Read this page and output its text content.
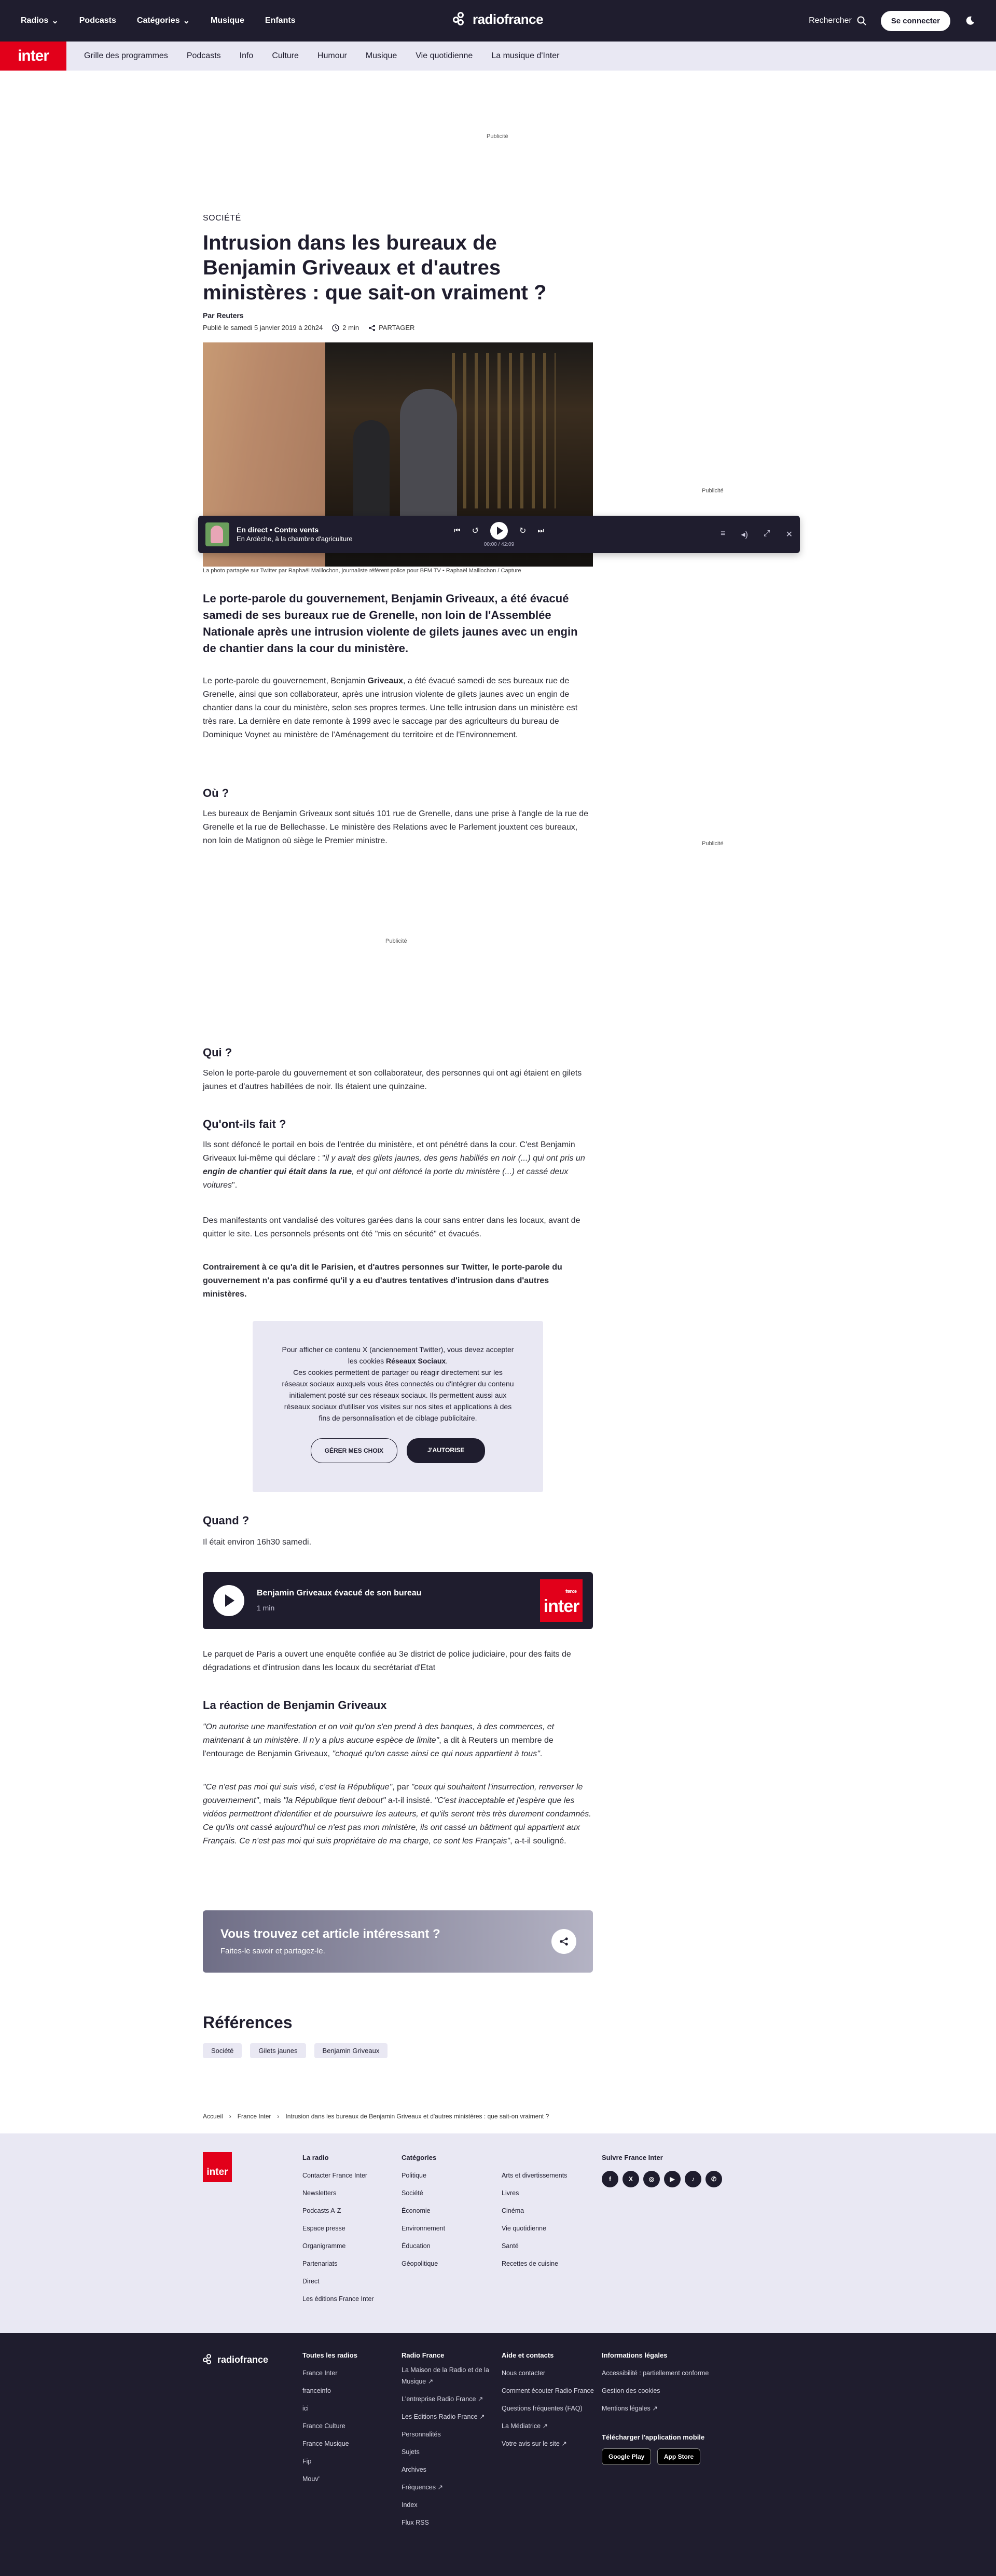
Radios ⌄	Podcasts	Catégories ⌄	Musique	Enfants	radiofrance	Rechercher	Se connecter
inter	Grille des programmes Podcasts Info Culture Humour Musique Vie quotidienne La musique d'Inter
Publicité
Publicité
Publicité
Publicité
SOCIÉTÉ
Intrusion dans les bureaux de Benjamin Griveaux et d'autres ministères : que sait-on vraiment ?
Par Reuters
Publié le samedi 5 janvier 2019 à 20h24	2 min	PARTAGER
En direct • Contre vents
En Ardèche, à la chambre d'agriculture
⏮ ↺	↻ ⏭
00:00 / 42:09
≡ ◂) ⤢ ✕
La photo partagée sur Twitter par Raphaël Maillochon, journaliste référent police pour BFM TV • Raphaël Maillochon / Capture

Le porte-parole du gouvernement, Benjamin Griveaux, a été évacué samedi de ses bureaux rue de Grenelle, non loin de l'Assemblée Nationale après une intrusion violente de gilets jaunes avec un engin de chantier dans la cour du ministère.

Le porte-parole du gouvernement, Benjamin Griveaux, a été évacué samedi de ses bureaux rue de Grenelle, ainsi que son collaborateur, après une intrusion violente de gilets jaunes avec un engin de chantier dans la cour du ministère, selon ses propres termes. Une telle intrusion dans un ministère est très rare. La dernière en date remonte à 1999 avec le saccage par des agriculteurs du bureau de Dominique Voynet au ministère de l'Aménagement du territoire et de l'Environnement.

Où ?

Les bureaux de Benjamin Griveaux sont situés 101 rue de Grenelle, dans une prise à l'angle de la rue de Grenelle et la rue de Bellechasse. Le ministère des Relations avec le Parlement jouxtent ces bureaux, non loin de Matignon où siège le Premier ministre.

Qui ?

Selon le porte-parole du gouvernement et son collaborateur, des personnes qui ont agi étaient en gilets jaunes et d'autres habillées de noir. Ils étaient une quinzaine.

Qu'ont-ils fait ?

Ils sont défoncé le portail en bois de l'entrée du ministère, et ont pénétré dans la cour. C'est Benjamin Griveaux lui-même qui déclare : "il y avait des gilets jaunes, des gens habillés en noir (...) qui ont pris un engin de chantier qui était dans la rue, et qui ont défoncé la porte du ministère (...) et cassé deux voitures".

Des manifestants ont vandalisé des voitures garées dans la cour sans entrer dans les locaux, avant de quitter le site. Les personnels présents ont été "mis en sécurité" et évacués.

Contrairement à ce qu'a dit le Parisien, et d'autres personnes sur Twitter, le porte-parole du gouvernement n'a pas confirmé qu'il y a eu d'autres tentatives d'intrusion dans d'autres ministères.

Pour afficher ce contenu X (anciennement Twitter), vous devez accepter les cookies Réseaux Sociaux.
Ces cookies permettent de partager ou réagir directement sur les réseaux sociaux auxquels vous êtes connectés ou d'intégrer du contenu initialement posté sur ces réseaux sociaux. Ils permettent aussi aux réseaux sociaux d'utiliser vos visites sur nos sites et applications à des fins de personnalisation et de ciblage publicitaire.

GÉRER MES CHOIX	J'AUTORISE
Quand ?

Il était environ 16h30 samedi.

Benjamin Griveaux évacué de son bureau
1 min
france
inter

Le parquet de Paris a ouvert une enquête confiée au 3e district de police judiciaire, pour des faits de dégradations et d'intrusion dans les locaux du secrétariat d'Etat

La réaction de Benjamin Griveaux

"On autorise une manifestation et on voit qu'on s'en prend à des banques, à des commerces, et maintenant à un ministère. Il n'y a plus aucune espèce de limite", a dit à Reuters un membre de l'entourage de Benjamin Griveaux, "choqué qu'on casse ainsi ce qui nous appartient à tous".

"Ce n'est pas moi qui suis visé, c'est la République", par "ceux qui souhaitent l'insurrection, renverser le gouvernement", mais "la République tient debout" a-t-il insisté. "C'est inacceptable et j'espère que les vidéos permettront d'identifier et de poursuivre les auteurs, et qu'ils seront très très durement condamnés. Ce qu'ils ont cassé aujourd'hui ce n'est pas mon ministère, ils ont cassé un bâtiment qui appartient aux Français. Ce n'est pas moi qui suis propriétaire de ma charge, ce sont les Français", a-t-il souligné.

Vous trouvez cet article intéressant ?
Faites-le savoir et partagez-le.
Références
Société	Gilets jaunes	Benjamin Griveaux
Accueil › France Inter › Intrusion dans les bureaux de Benjamin Griveaux et d'autres ministères : que sait-on vraiment ?
inter
La radio
Contacter France Inter
Newsletters
Podcasts A-Z
Espace presse
Organigramme
Partenariats
Direct
Les éditions France Inter
Catégories
Politique
Société
Économie
Environnement
Éducation
Géopolitique
Arts et divertissements
Livres
Cinéma
Vie quotidienne
Santé
Recettes de cuisine
Suivre France Inter
f	X	◎	▶	♪	✆
radiofrance	Toutes les radios
France Inter
franceinfo
ici
France Culture
France Musique
Fip
Mouv'
Radio France
La Maison de la Radio et de la Musique ↗
L'entreprise Radio France ↗
Les Editions Radio France ↗
Personnalités
Sujets
Archives
Fréquences ↗
Index
Flux RSS
Aide et contacts
Nous contacter
Comment écouter Radio France
Questions fréquentes (FAQ)
La Médiatrice ↗
Votre avis sur le site ↗
Informations légales
Accessibilité : partiellement conforme
Gestion des cookies
Mentions légales ↗
Télécharger l'application mobile
Google Play	App Store
